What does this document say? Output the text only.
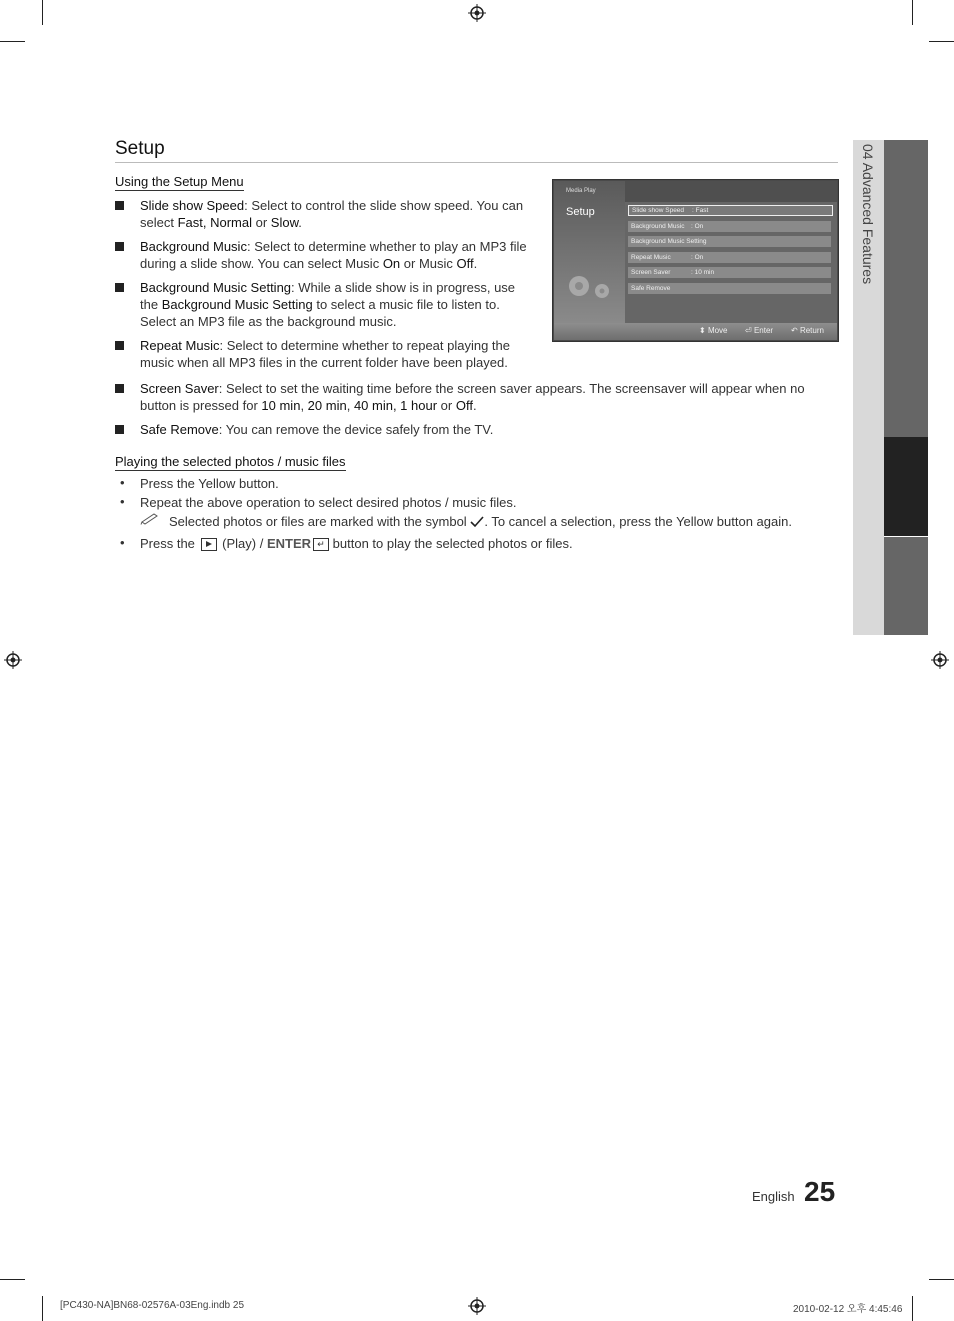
Setup
Using the Setup Menu
Slide show Speed: Select to control the slide show speed. You can
select Fast, Normal or Slow.
Background Music: Select to determine whether to play an MP3 file
during a slide show. You can select Music On or Music Off.
Background Music Setting: While a slide show is in progress, use
the Background Music Setting to select a music file to listen to.
Select an MP3 file as the background music.
Repeat Music: Select to determine whether to repeat playing the
music when all MP3 files in the current folder have been played.
Screen Saver: Select to set the waiting time before the screen saver appears. The screensaver will appear when no
button is pressed for 10 min, 20 min, 40 min, 1 hour or Off.
Safe Remove: You can remove the device safely from the TV.
Playing the selected photos / music files
• Press the Yellow button.
• Repeat the above operation to select desired photos / music files.
Selected photos or files are marked with the symbol . To cancel a selection, press the Yellow button again.
• Press the (Play) / ENTER ↵ button to play the selected photos or files.
Media Play
Setup	Slide show Speed : Fast
Background Music : On
Background Music Setting
Repeat Music	: On
Screen Saver	: 10 min
Safe Remove
⬍ Move ⏎ Enter ↶ Return
04 Advanced Features
English 25
[PC430-NA]BN68-02576A-03Eng.indb 25	2010-02-12 오후 4:45:46
